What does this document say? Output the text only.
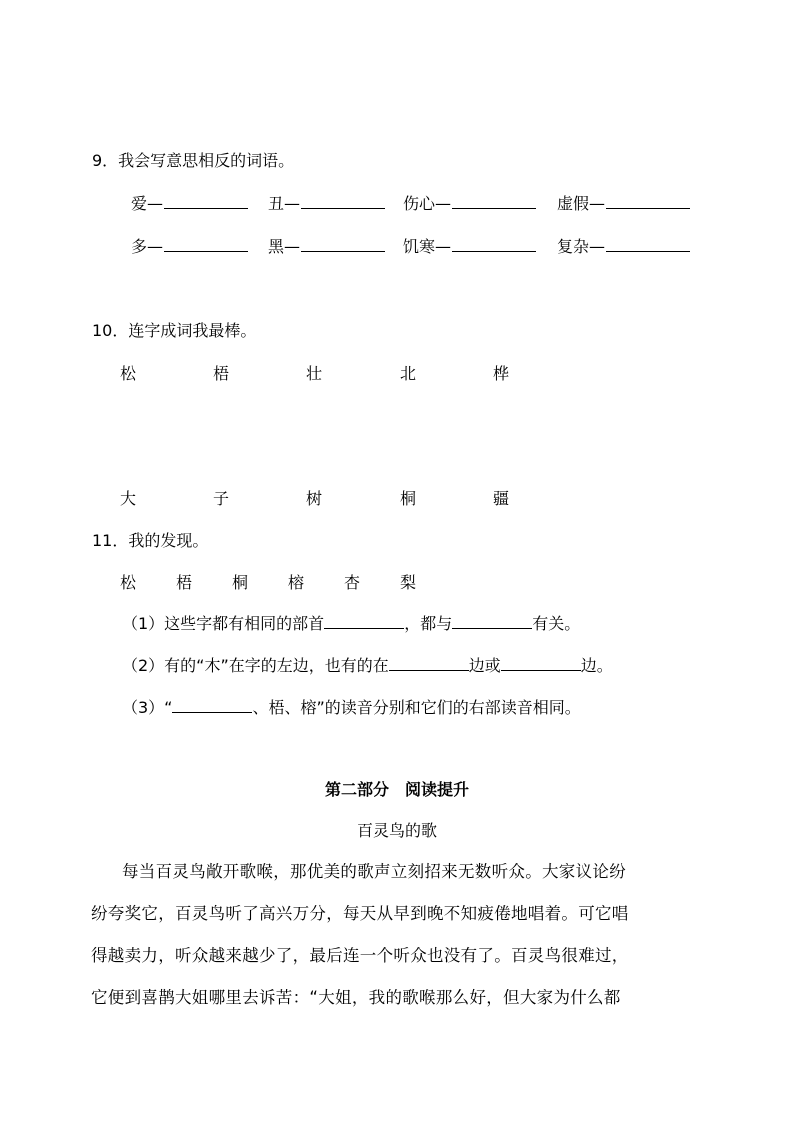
9．我会写意思相反的词语。
爱—	丑—	伤心—	虚假—
多—	黑—	饥寒—	复杂—
10．连字成词我最棒。
松	梧	壮	北	桦
大	子	树	桐	疆
11．我的发现。
松 梧 桐 榕 杏 梨
（1）这些字都有相同的部首	，都与	有关。
（2）有的“木”在字的左边，也有的在	边或	边。
（3）“	、梧、榕”的读音分别和它们的右部读音相同。
第二部分　阅读提升
百灵鸟的歌
每当百灵鸟敞开歌喉，那优美的歌声立刻招来无数听众。大家议论纷
纷夸奖它，百灵鸟听了高兴万分，每天从早到晚不知疲倦地唱着。可它唱
得越卖力，听众越来越少了，最后连一个听众也没有了。百灵鸟很难过，
它便到喜鹊大姐哪里去诉苦：“大姐，我的歌喉那么好，但大家为什么都
